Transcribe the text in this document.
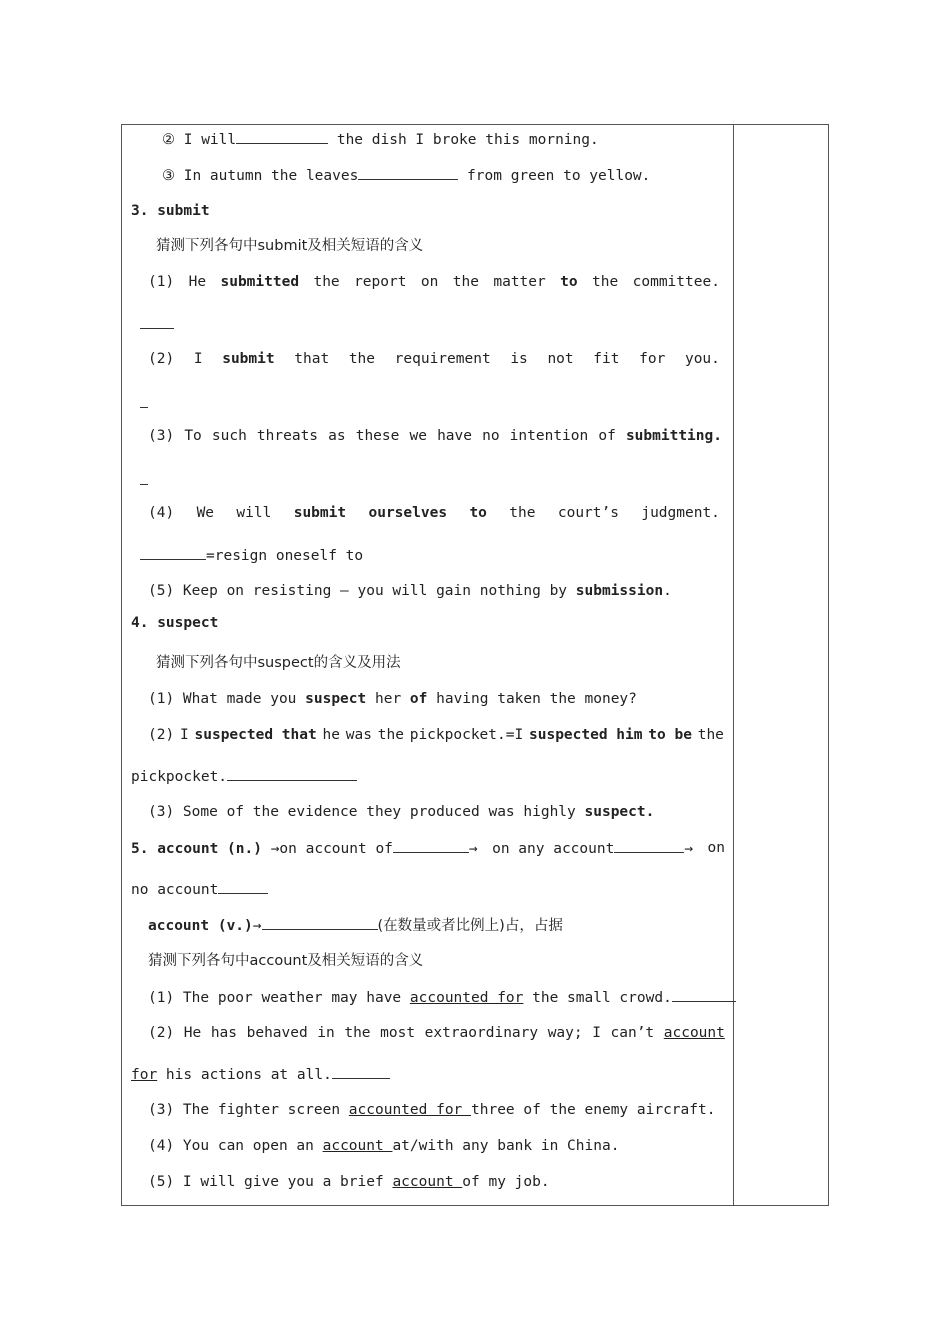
② I will	the dish I broke this morning.
③ In autumn the leaves	from green to yellow.
3. submit
猜测下列各句中submit及相关短语的含义
(1) He submitted the report on the matter to the committee.
(2) I submit that the requirement is not fit for you.
(3) To such threats as these we have no intention of submitting.
(4) We will submit ourselves to the court’s judgment.
=resign oneself to
(5) Keep on resisting — you will gain nothing by submission.
4. suspect
猜测下列各句中suspect的含义及用法
(1) What made you suspect her of having taken the money?
(2) I suspected that he was the pickpocket.=I suspected him to be the
pickpocket.
(3) Some of the evidence they produced was highly suspect.
5. account (n.) →on account of	→ on any account	→ on
no account
account (v.)→	(在数量或者比例上)占，占据
猜测下列各句中account及相关短语的含义
(1) The poor weather may have accounted for the small crowd.
(2) He has behaved in the most extraordinary way; I can’t account
for his actions at all.
(3) The fighter screen accounted for three of the enemy aircraft.
(4) You can open an account at/with any bank in China.
(5) I will give you a brief account of my job.
